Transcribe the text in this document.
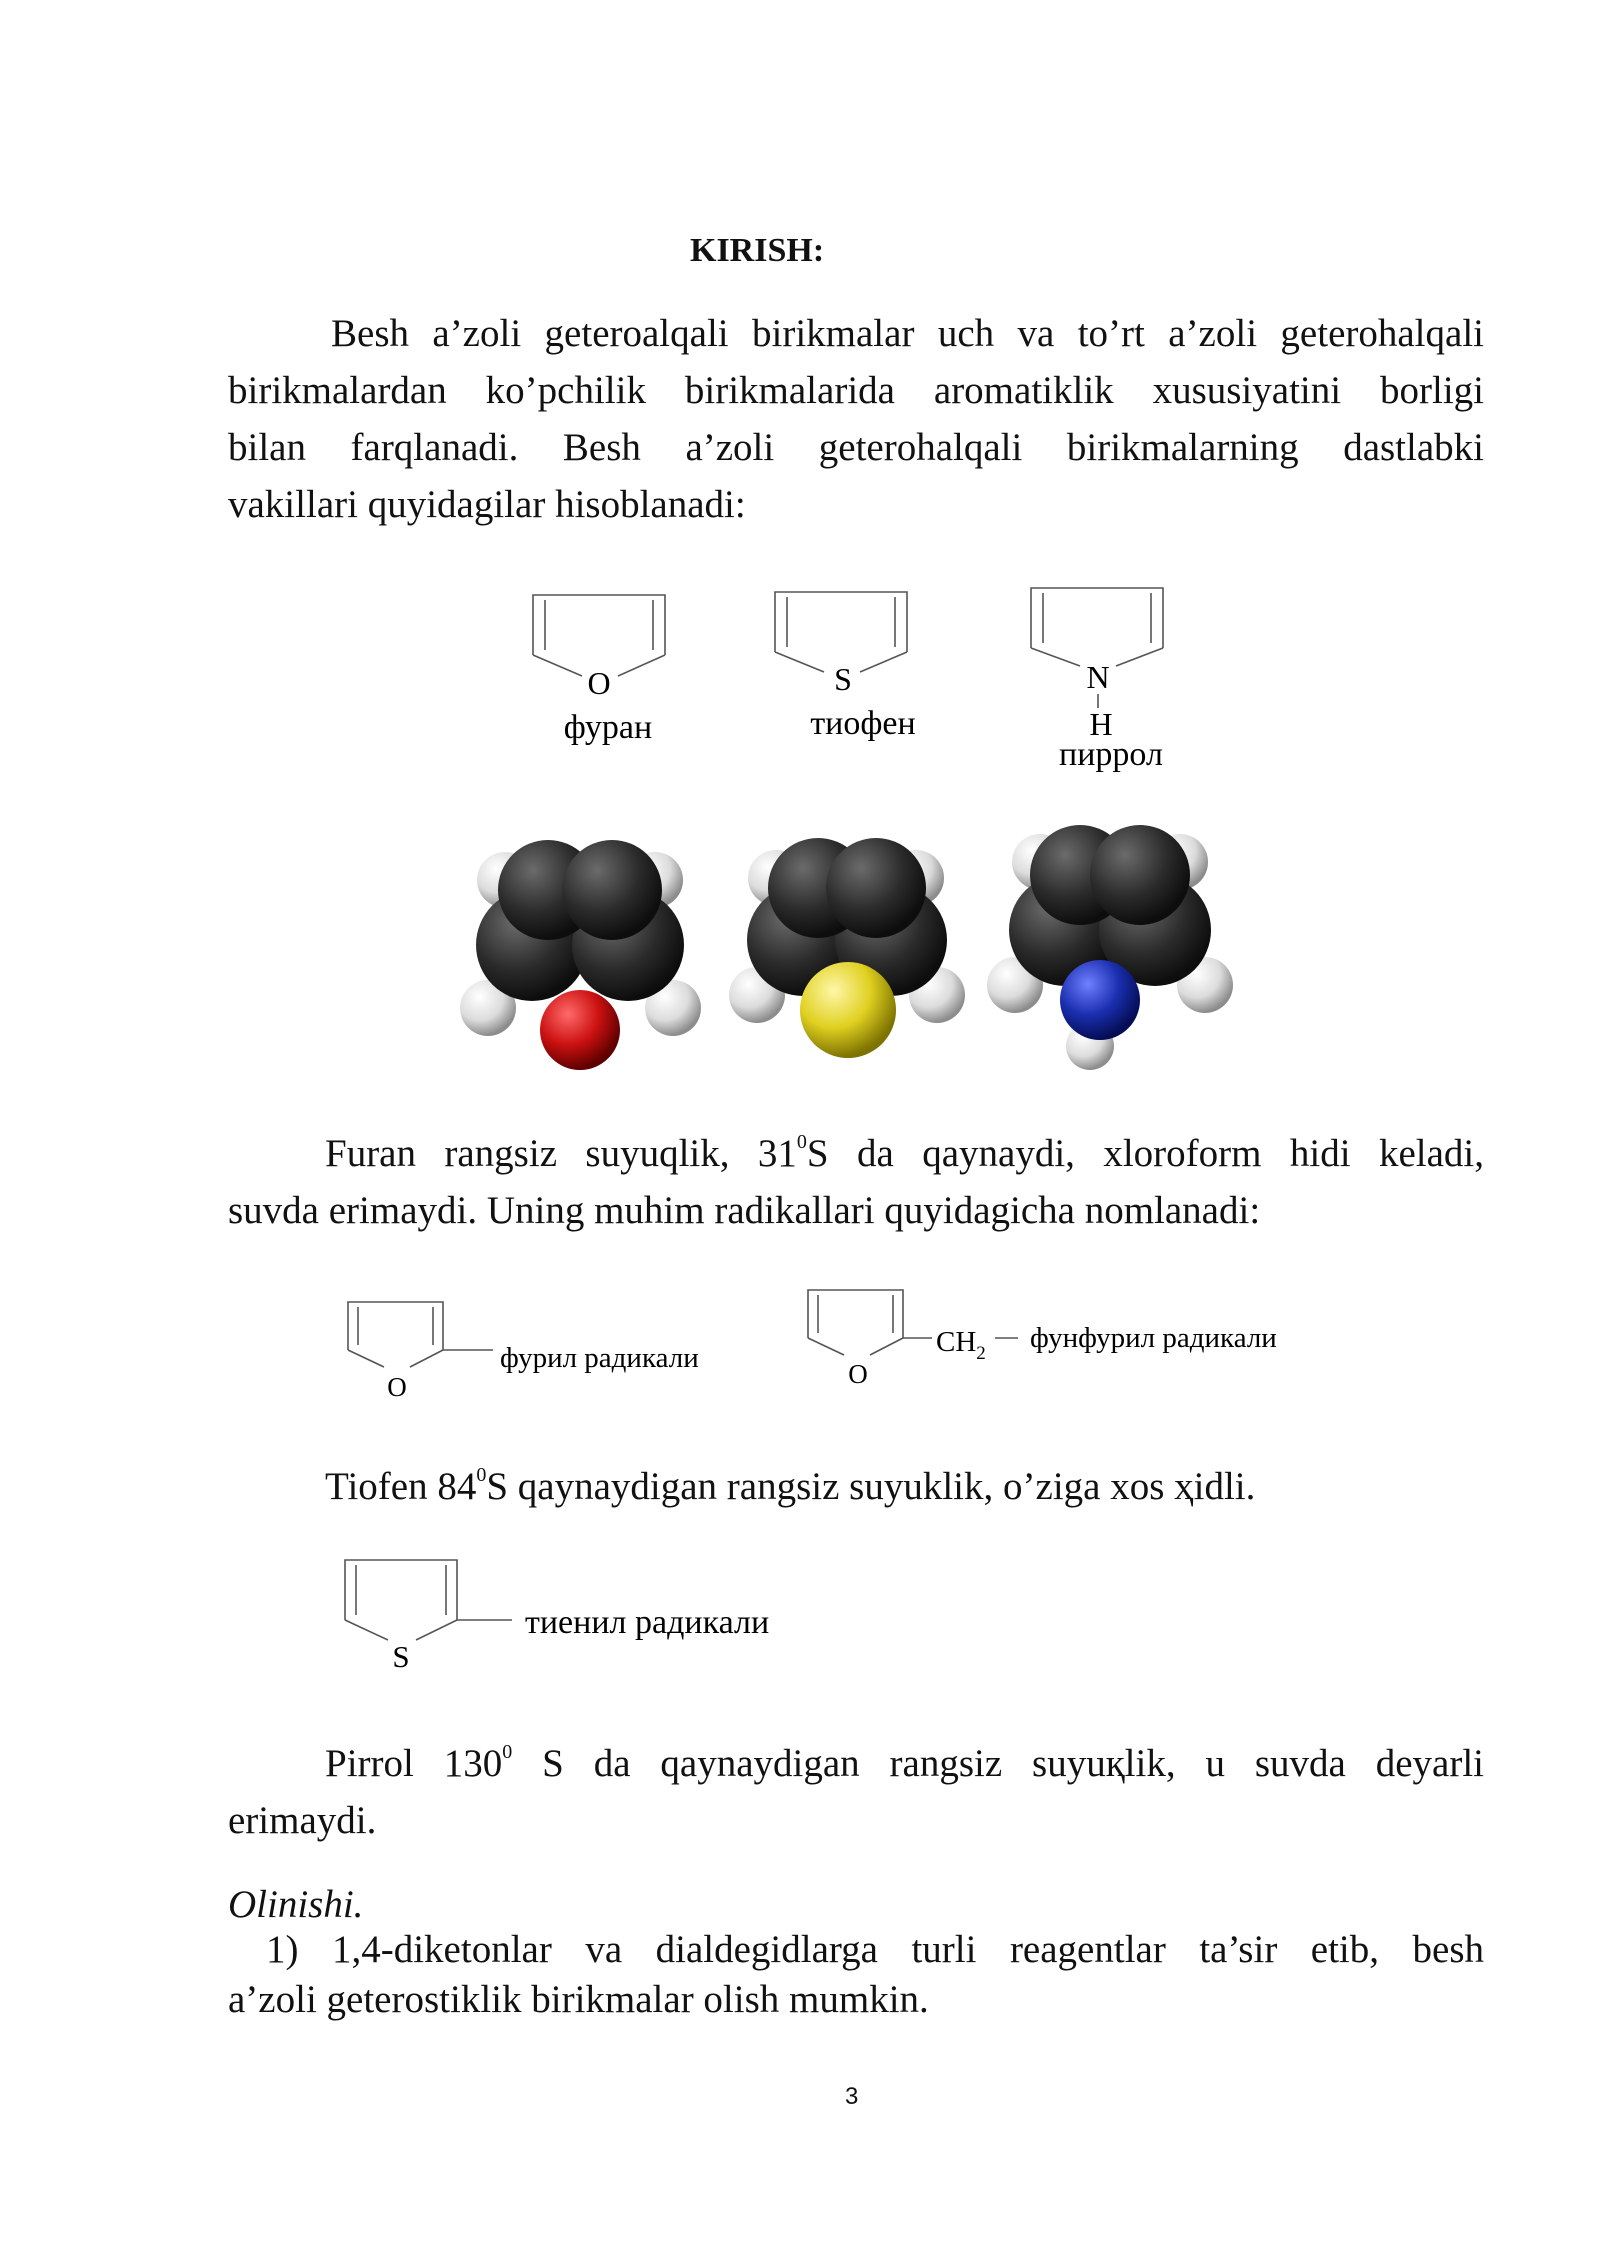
KIRISH:
Besh a’zoli geteroalqali birikmalar uch va to’rt a’zoli geterohalqali
birikmalardan ko’pchilik birikmalarida aromatiklik xususiyatini borligi
bilan farqlanadi. Besh a’zoli geterohalqali birikmalarning dastlabki
vakillari quyidagilar hisoblanadi:
O	S	N
H
фуран	тиофен
пиррол
O
фурил радикали	O
$CH_2$ фунфурил радикали
S
тиенил радикали
Furan rangsiz suyuqlik, $31^0S$ da qaynaydi, xloroform hidi keladi,
suvda erimaydi. Uning muhim radikallari quyidagicha nomlanadi:
Tiofen $84^0S$ qaynaydigan rangsiz suyuklik, o’ziga xos ҳidli.
Pirrol $130^0$ S da qaynaydigan rangsiz suyuқlik, u suvda deyarli
erimaydi.
Olinishi.
1) 1,4-diketonlar va dialdegidlarga turli reagentlar ta’sir etib, besh
a’zoli geterostiklik birikmalar olish mumkin.
3
